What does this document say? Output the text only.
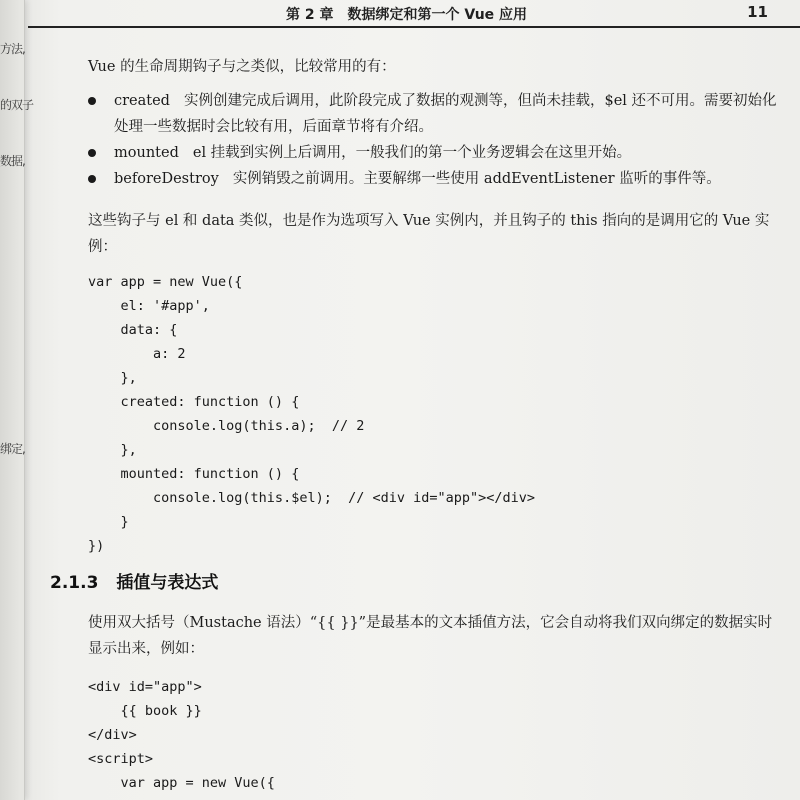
方法,
的双子
数据,
绑定,
第 2 章　数据绑定和第一个 Vue 应用	11
Vue 的生命周期钩子与之类似，比较常用的有：
created 实例创建完成后调用，此阶段完成了数据的观测等，但尚未挂载，$el 还不可用。需要初始化处理一些数据时会比较有用，后面章节将有介绍。
mounted el 挂载到实例上后调用，一般我们的第一个业务逻辑会在这里开始。
beforeDestroy 实例销毁之前调用。主要解绑一些使用 addEventListener 监听的事件等。
这些钩子与 el 和 data 类似，也是作为选项写入 Vue 实例内，并且钩子的 this 指向的是调用它的 Vue 实例：
var app = new Vue({
el: '#app',
data: {
a: 2
},
created: function () {
console.log(this.a);  // 2
},
mounted: function () {
console.log(this.$el);  // <div id="app"></div>
}
})
2.1.3 插值与表达式
使用双大括号（Mustache 语法）“{{ }}”是最基本的文本插值方法，它会自动将我们双向绑定的数据实时显示出来，例如：
<div id="app">
{{ book }}
</div>
<script>
var app = new Vue({
